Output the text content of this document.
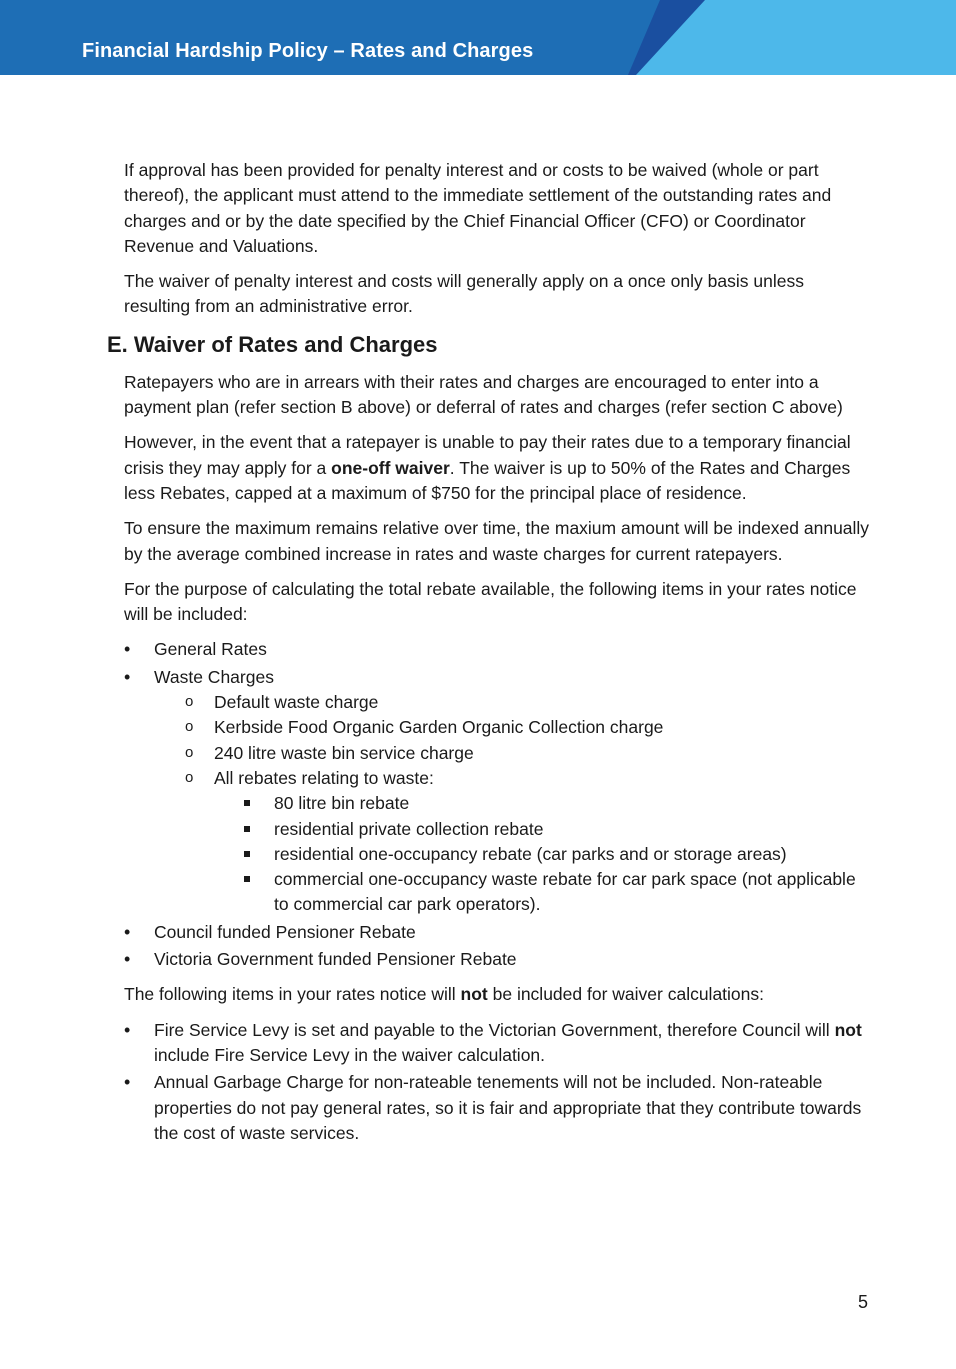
Financial Hardship Policy – Rates and Charges

If approval has been provided for penalty interest and or costs to be waived (whole or part thereof), the applicant must attend to the immediate settlement of the outstanding rates and charges and or by the date specified by the Chief Financial Officer (CFO) or Coordinator Revenue and Valuations.

The waiver of penalty interest and costs will generally apply on a once only basis unless resulting from an administrative error.

E. Waiver of Rates and Charges

Ratepayers who are in arrears with their rates and charges are encouraged to enter into a payment plan (refer section B above) or deferral of rates and charges (refer section C above)

However, in the event that a ratepayer is unable to pay their rates due to a temporary financial crisis they may apply for a one-off waiver. The waiver is up to 50% of the Rates and Charges less Rebates, capped at a maximum of $750 for the principal place of residence.

To ensure the maximum remains relative over time, the maxium amount will be indexed annually by the average combined increase in rates and waste charges for current ratepayers.

For the purpose of calculating the total rebate available, the following items in your rates notice will be included:

• General Rates
• Waste Charges
o Default waste charge
o Kerbside Food Organic Garden Organic Collection charge
o 240 litre waste bin service charge
o All rebates relating to waste:
80 litre bin rebate
residential private collection rebate
residential one-occupancy rebate (car parks and or storage areas)
commercial one-occupancy waste rebate for car park space (not applicable to commercial car park operators).
• Council funded Pensioner Rebate
• Victoria Government funded Pensioner Rebate

The following items in your rates notice will not be included for waiver calculations:

• Fire Service Levy is set and payable to the Victorian Government, therefore Council will not include Fire Service Levy in the waiver calculation.
• Annual Garbage Charge for non-rateable tenements will not be included. Non-rateable properties do not pay general rates, so it is fair and appropriate that they contribute towards the cost of waste services.
5
